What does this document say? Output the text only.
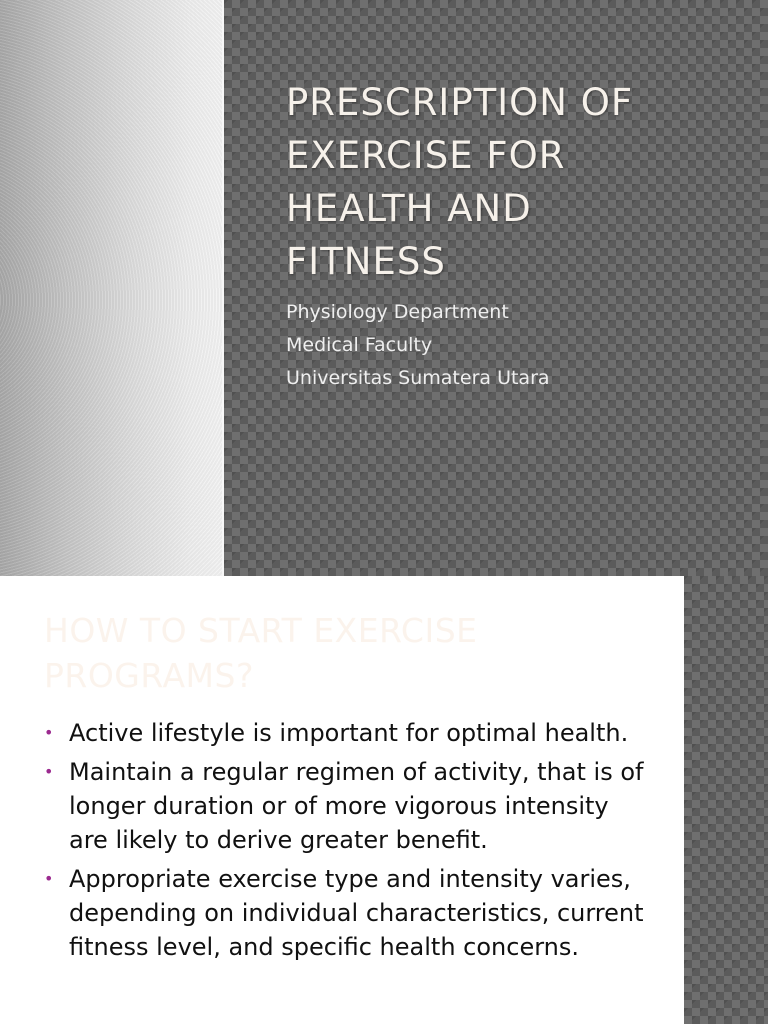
PRESCRIPTION OF
EXERCISE FOR
HEALTH AND
FITNESS
Physiology Department
Medical Faculty
Universitas Sumatera Utara
HOW TO START EXERCISE
PROGRAMS?
• Active lifestyle is important for optimal health.
• Maintain a regular regimen of activity, that is of longer duration or of more vigorous intensity are likely to derive greater benefit.
• Appropriate exercise type and intensity varies, depending on individual characteristics, current fitness level, and specific health concerns.
